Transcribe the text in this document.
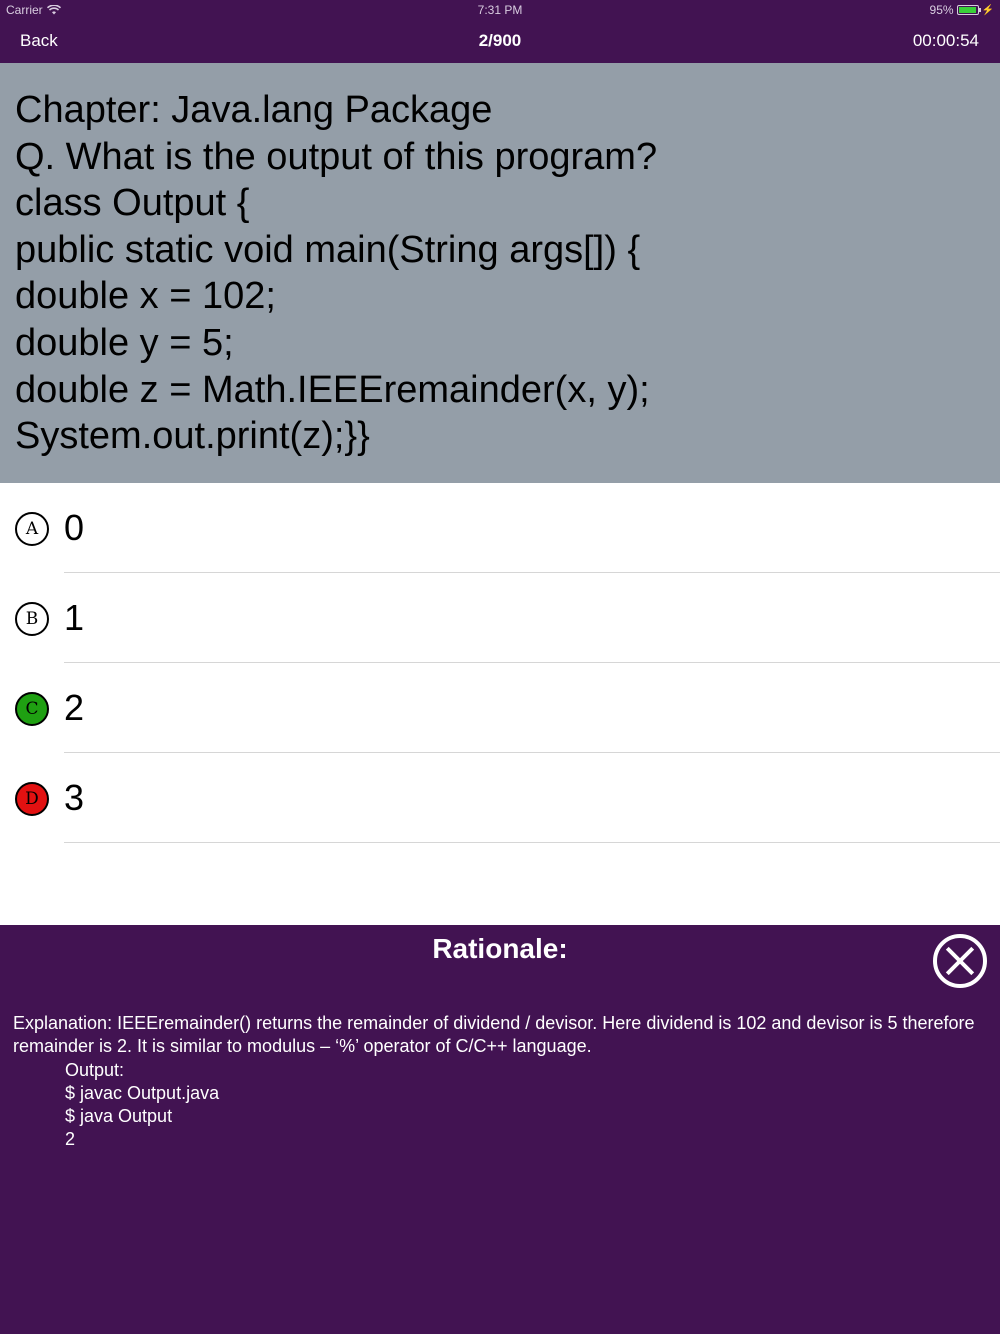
Carrier	7:31 PM	95%	⚡
Back	2/900	00:00:54
Chapter: Java.lang Package
Q. What is the output of this program?
class Output {
public static void main(String args[]) {
double x = 102;
double y = 5;
double z = Math.IEEEremainder(x, y);
System.out.print(z);}}
A 0
B 1
C 2
D 3
Rationale:
Explanation: IEEEremainder() returns the remainder of dividend / devisor. Here dividend is 102 and devisor is 5 therefore remainder is 2. It is similar to modulus – ‘%’ operator of C/C++ language.
Output:
$ javac Output.java
$ java Output
2
